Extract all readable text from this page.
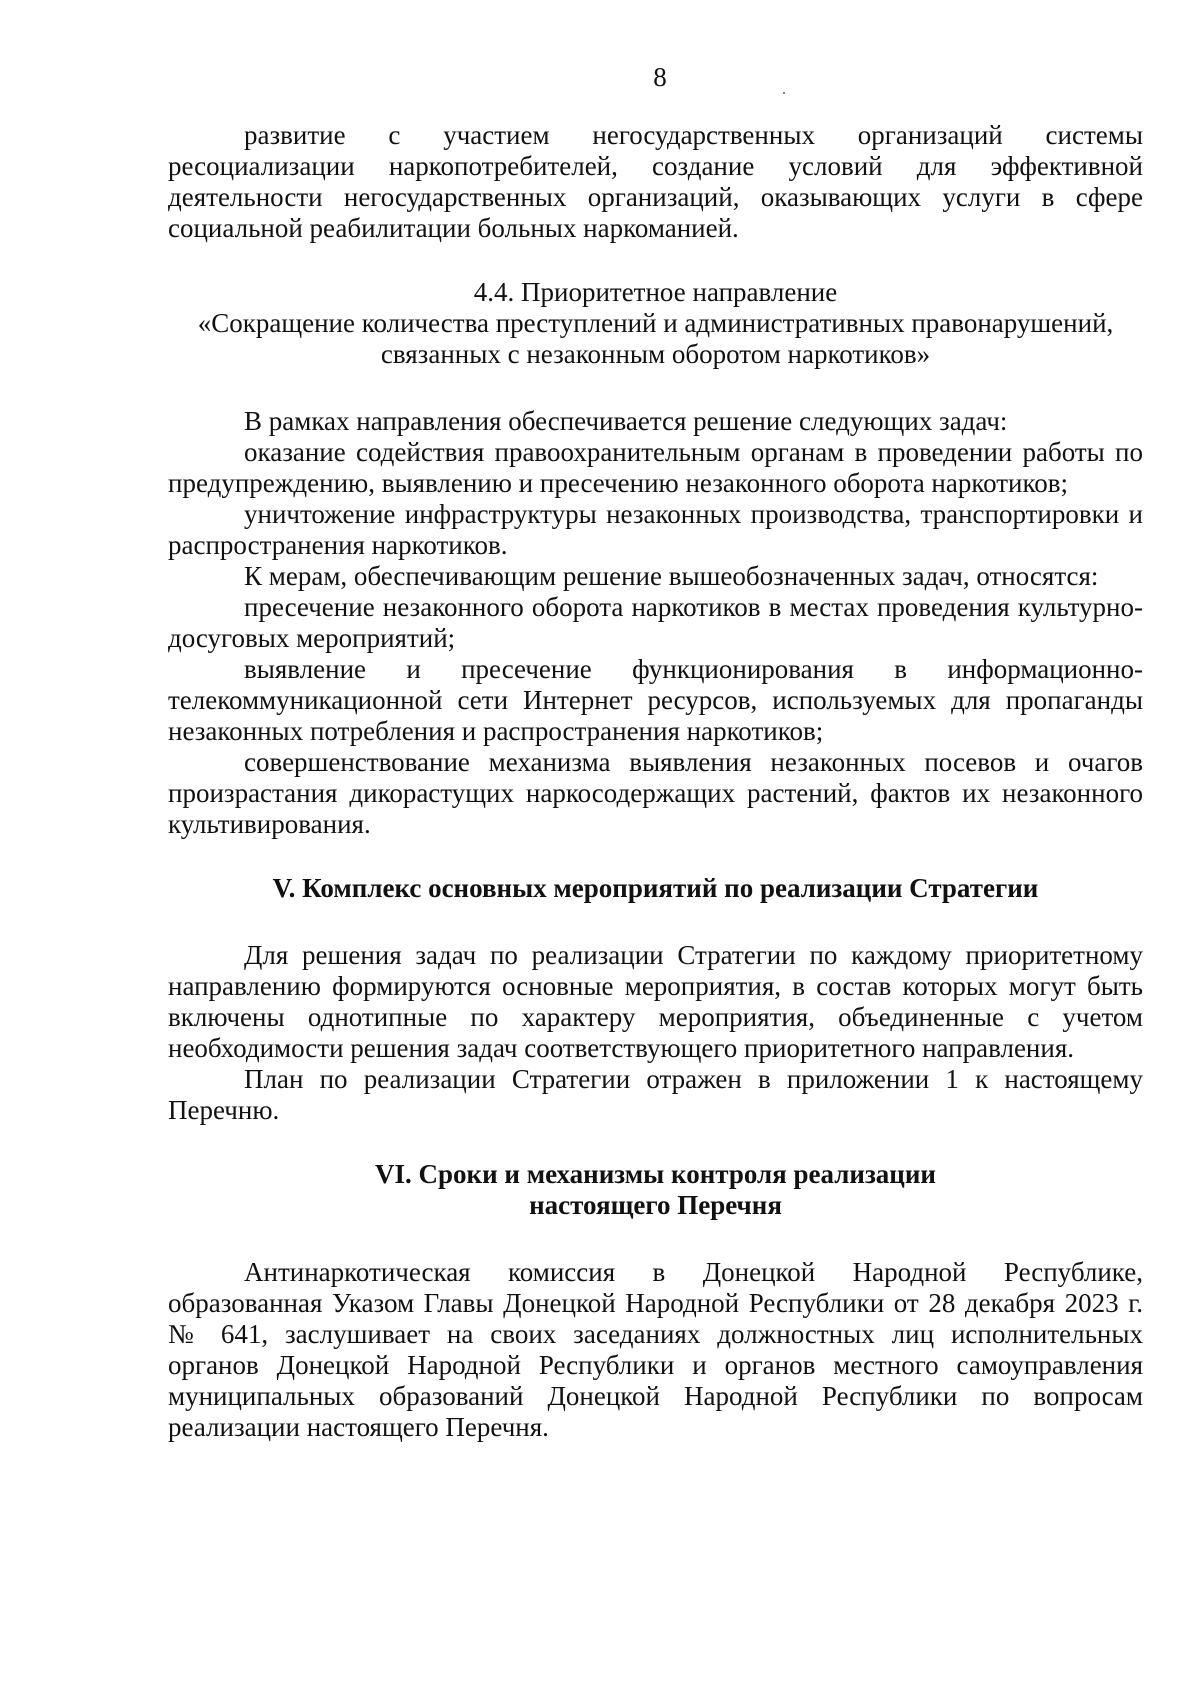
8

развитие с участием негосударственных организаций системы ресоциализации наркопотребителей, создание условий для эффективной деятельности негосударственных организаций, оказывающих услуги в сфере социальной реабилитации больных наркоманией.

4.4. Приоритетное направление

«Сокращение количества преступлений и административных правонарушений,

связанных с незаконным оборотом наркотиков»

В рамках направления обеспечивается решение следующих задач:

оказание содействия правоохранительным органам в проведении работы по предупреждению, выявлению и пресечению незаконного оборота наркотиков;

уничтожение инфраструктуры незаконных производства, транспортировки и распространения наркотиков.

К мерам, обеспечивающим решение вышеобозначенных задач, относятся:

пресечение незаконного оборота наркотиков в местах проведения культурно-досуговых мероприятий;

выявление и пресечение функционирования в информационно-телекоммуникационной сети Интернет ресурсов, используемых для пропаганды незаконных потребления и распространения наркотиков;

совершенствование механизма выявления незаконных посевов и очагов произрастания дикорастущих наркосодержащих растений, фактов их незаконного культивирования.

V. Комплекс основных мероприятий по реализации Стратегии

Для решения задач по реализации Стратегии по каждому приоритетному направлению формируются основные мероприятия, в состав которых могут быть включены однотипные по характеру мероприятия, объединенные с учетом необходимости решения задач соответствующего приоритетного направления.

План по реализации Стратегии отражен в приложении 1 к настоящему Перечню.

VI. Сроки и механизмы контроля реализации

настоящего Перечня

Антинаркотическая комиссия в Донецкой Народной Республике, образованная Указом Главы Донецкой Народной Республики от 28 декабря 2023 г. № 641, заслушивает на своих заседаниях должностных лиц исполнительных органов Донецкой Народной Республики и органов местного самоуправления муниципальных образований Донецкой Народной Республики по вопросам реализации настоящего Перечня.
